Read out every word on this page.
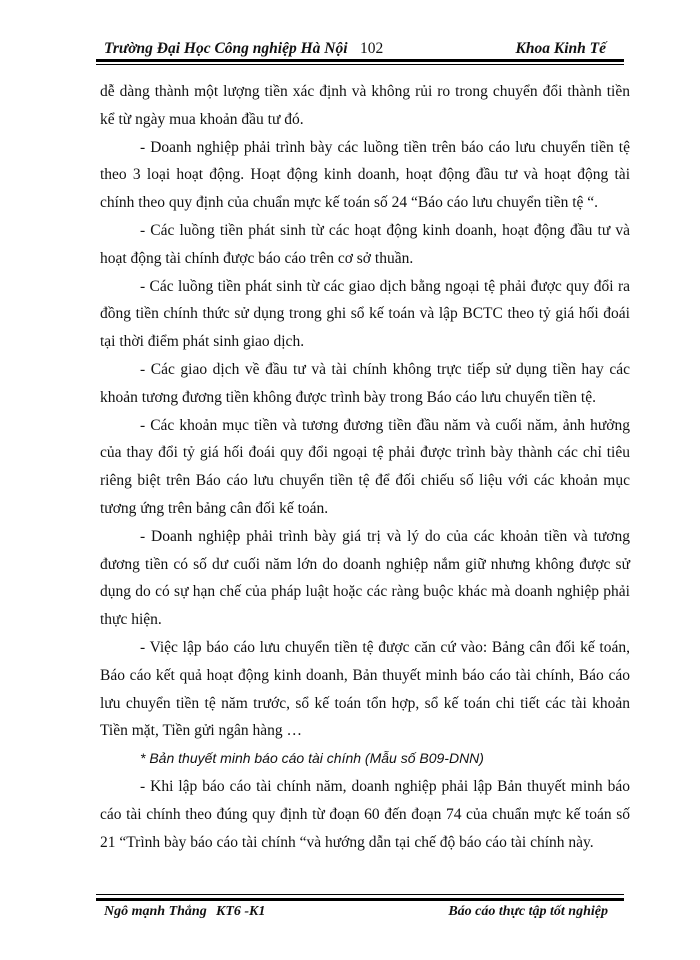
Trường Đại Học Công nghiệp Hà Nội 102	Khoa Kinh Tế

dễ dàng thành một lượng tiền xác định và không rủi ro trong chuyển đổi thành tiền kể từ ngày mua khoản đầu tư đó.

- Doanh nghiệp phải trình bày các luồng tiền trên báo cáo lưu chuyển tiền tệ theo 3 loại hoạt động. Hoạt động kinh doanh, hoạt động đầu tư và hoạt động tài chính theo quy định của chuẩn mực kế toán số 24 “Báo cáo lưu chuyển tiền tệ “.

- Các luồng tiền phát sinh từ các hoạt động kinh doanh, hoạt động đầu tư và hoạt động tài chính được báo cáo trên cơ sở thuần.

- Các luồng tiền phát sinh từ các giao dịch bằng ngoại tệ phải được quy đổi ra đồng tiền chính thức sử dụng trong ghi sổ kế toán và lập BCTC theo tỷ giá hối đoái tại thời điểm phát sinh giao dịch.

- Các giao dịch về đầu tư và tài chính không trực tiếp sử dụng tiền hay các khoản tương đương tiền không được trình bày trong Báo cáo lưu chuyển tiền tệ.

- Các khoản mục tiền và tương đương tiền đầu năm và cuối năm, ảnh hưởng của thay đổi tỷ giá hối đoái quy đổi ngoại tệ phải được trình bày thành các chỉ tiêu riêng biệt trên Báo cáo lưu chuyển tiền tệ để đối chiếu số liệu với các khoản mục tương ứng trên bảng cân đối kế toán.

- Doanh nghiệp phải trình bày giá trị và lý do của các khoản tiền và tương đương tiền có số dư cuối năm lớn do doanh nghiệp nắm giữ nhưng không được sử dụng do có sự hạn chế của pháp luật hoặc các ràng buộc khác mà doanh nghiệp phải thực hiện.

- Việc lập báo cáo lưu chuyển tiền tệ được căn cứ vào: Bảng cân đối kế toán, Báo cáo kết quả hoạt động kinh doanh, Bản thuyết minh báo cáo tài chính, Báo cáo lưu chuyển tiền tệ năm trước, sổ kế toán tổn hợp, sổ kế toán chi tiết các tài khoản Tiền mặt, Tiền gửi ngân hàng …

* Bản thuyết minh báo cáo tài chính (Mẫu số B09-DNN)

- Khi lập báo cáo tài chính năm, doanh nghiệp phải lập Bản thuyết minh báo cáo tài chính theo đúng quy định từ đoạn 60 đến đoạn 74 của chuẩn mực kế toán số 21 “Trình bày báo cáo tài chính “và hướng dẫn tại chế độ báo cáo tài chính này.

Ngô mạnh Thắng KT6 -K1	Báo cáo thực tập tốt nghiệp
